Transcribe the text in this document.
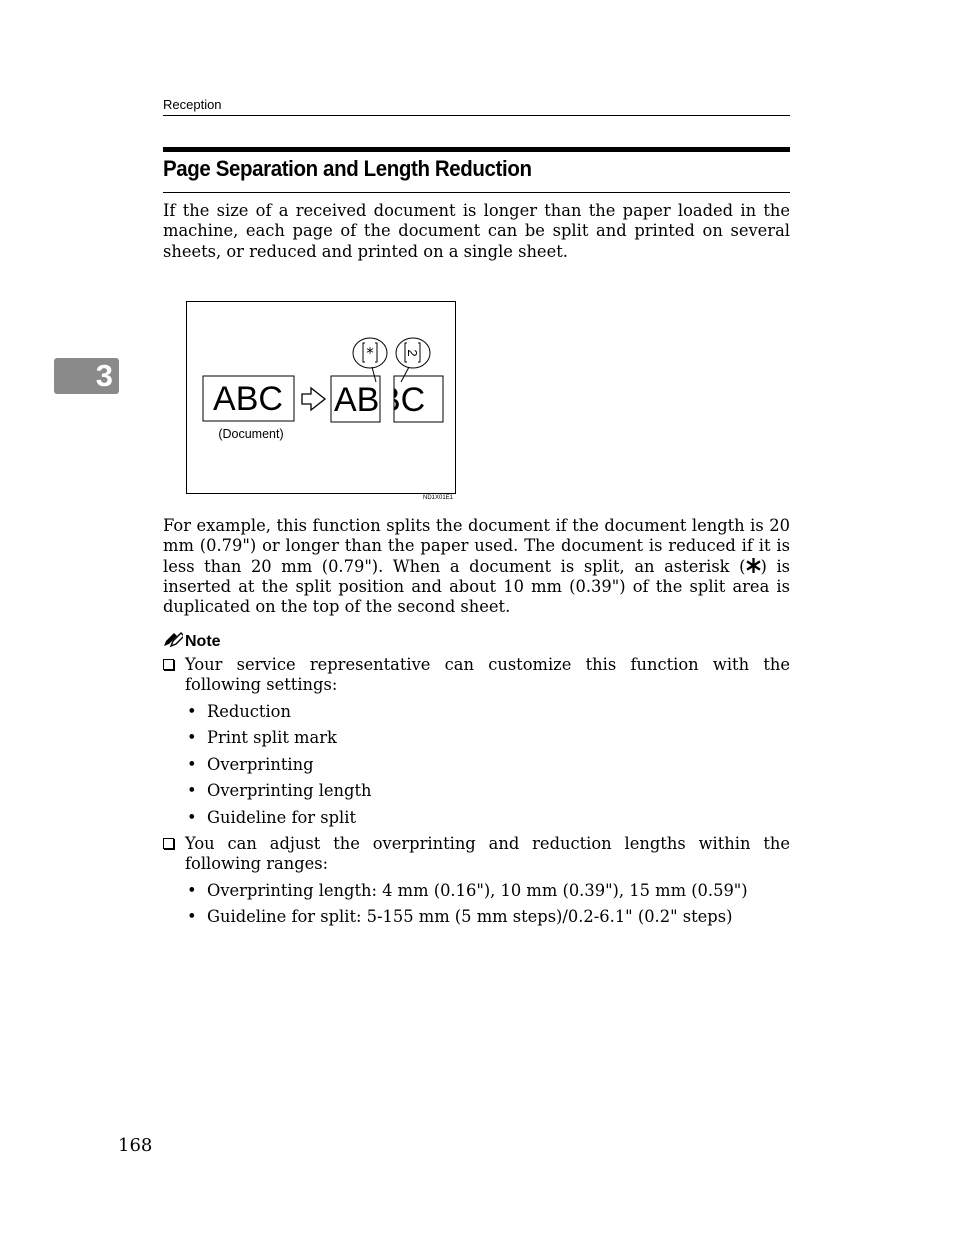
Reception
3
Page Separation and Length Reduction

If the size of a received document is longer than the paper loaded in the machine, each page of the document can be split and printed on several sheets, or reduced and printed on a single sheet.

ABC
(Document)
AB
BC
* 2
ND1X01E1

For example, this function splits the document if the document length is 20 mm (0.79") or longer than the paper used. The document is reduced if it is less than 20 mm (0.79"). When a document is split, an asterisk ( ) is inserted at the split position and about 10 mm (0.39") of the split area is duplicated on the top of the second sheet.

Note
Your service representative can customize this function with the following settings:
• Reduction
• Print split mark
• Overprinting
• Overprinting length
• Guideline for split
You can adjust the overprinting and reduction lengths within the following ranges:
• Overprinting length: 4 mm (0.16"), 10 mm (0.39"), 15 mm (0.59")
• Guideline for split: 5-155 mm (5 mm steps)/0.2-6.1" (0.2" steps)
168
